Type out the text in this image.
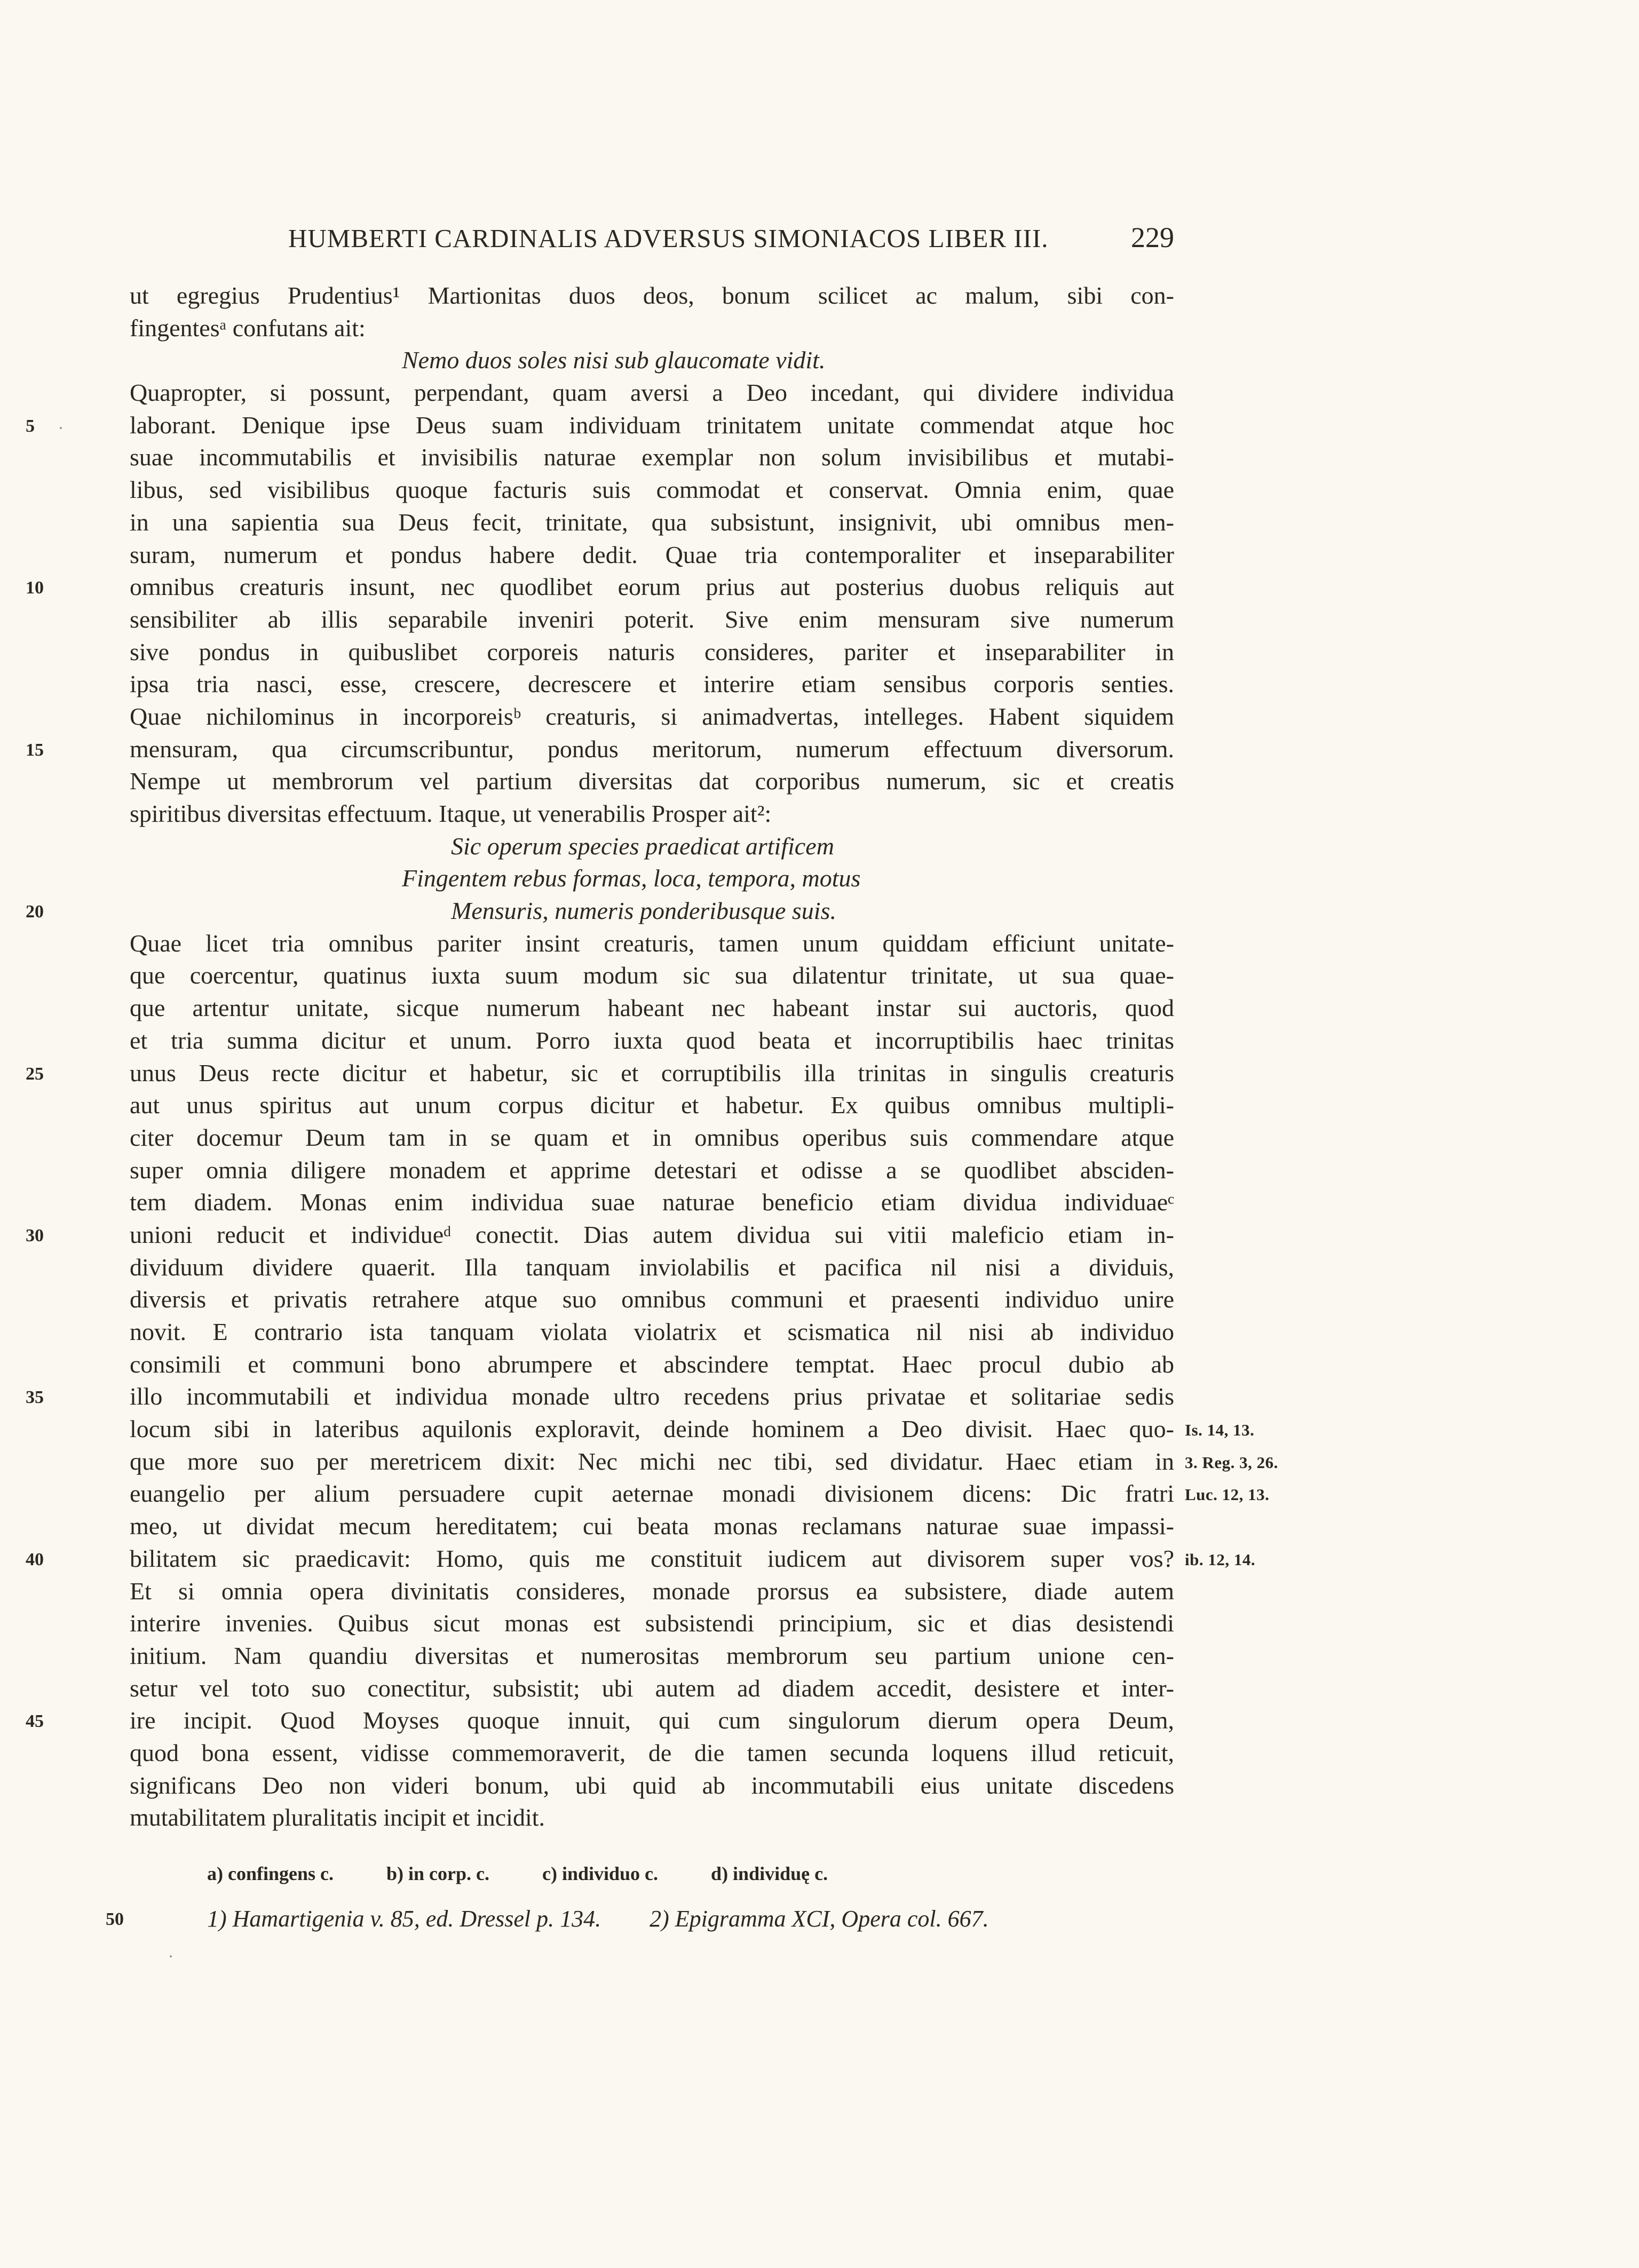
HUMBERTI CARDINALIS ADVERSUS SIMONIACOS LIBER III.	229
ut egregius Prudentius¹ Martionitas duos deos, bonum scilicet ac malum, sibi con-
fingentesᵃ confutans ait:
Nemo duos soles nisi sub glaucomate vidit.
Quapropter, si possunt, perpendant, quam aversi a Deo incedant, qui dividere individua
5	laborant. Denique ipse Deus suam individuam trinitatem unitate commendat atque hoc
suae incommutabilis et invisibilis naturae exemplar non solum invisibilibus et mutabi-
libus, sed visibilibus quoque facturis suis commodat et conservat. Omnia enim, quae
in una sapientia sua Deus fecit, trinitate, qua subsistunt, insignivit, ubi omnibus men-
suram, numerum et pondus habere dedit. Quae tria contemporaliter et inseparabiliter
10	omnibus creaturis insunt, nec quodlibet eorum prius aut posterius duobus reliquis aut
sensibiliter ab illis separabile inveniri poterit. Sive enim mensuram sive numerum
sive pondus in quibuslibet corporeis naturis consideres, pariter et inseparabiliter in
ipsa tria nasci, esse, crescere, decrescere et interire etiam sensibus corporis senties.
Quae nichilominus in incorporeisᵇ creaturis, si animadvertas, intelleges. Habent siquidem
15	mensuram, qua circumscribuntur, pondus meritorum, numerum effectuum diversorum.
Nempe ut membrorum vel partium diversitas dat corporibus numerum, sic et creatis
spiritibus diversitas effectuum. Itaque, ut venerabilis Prosper ait²:
Sic operum species praedicat artificem
Fingentem rebus formas, loca, tempora, motus
20	Mensuris, numeris ponderibusque suis.
Quae licet tria omnibus pariter insint creaturis, tamen unum quiddam efficiunt unitate-
que coercentur, quatinus iuxta suum modum sic sua dilatentur trinitate, ut sua quae-
que artentur unitate, sicque numerum habeant nec habeant instar sui auctoris, quod
et tria summa dicitur et unum. Porro iuxta quod beata et incorruptibilis haec trinitas
25	unus Deus recte dicitur et habetur, sic et corruptibilis illa trinitas in singulis creaturis
aut unus spiritus aut unum corpus dicitur et habetur. Ex quibus omnibus multipli-
citer docemur Deum tam in se quam et in omnibus operibus suis commendare atque
super omnia diligere monadem et apprime detestari et odisse a se quodlibet absciden-
tem diadem. Monas enim individua suae naturae beneficio etiam dividua individuaeᶜ
30	unioni reducit et individueᵈ conectit. Dias autem dividua sui vitii maleficio etiam in-
dividuum dividere quaerit. Illa tanquam inviolabilis et pacifica nil nisi a dividuis,
diversis et privatis retrahere atque suo omnibus communi et praesenti individuo unire
novit. E contrario ista tanquam violata violatrix et scismatica nil nisi ab individuo
consimili et communi bono abrumpere et abscindere temptat. Haec procul dubio ab
35	illo incommutabili et individua monade ultro recedens prius privatae et solitariae sedis
locum sibi in lateribus aquilonis exploravit, deinde hominem a Deo divisit. Haec quo- Is. 14, 13.
que more suo per meretricem dixit: Nec michi nec tibi, sed dividatur. Haec etiam in 3. Reg. 3, 26.
euangelio per alium persuadere cupit aeternae monadi divisionem dicens: Dic fratri Luc. 12, 13.
meo, ut dividat mecum hereditatem; cui beata monas reclamans naturae suae impassi-
40	bilitatem sic praedicavit: Homo, quis me constituit iudicem aut divisorem super vos? ib. 12, 14.
Et si omnia opera divinitatis consideres, monade prorsus ea subsistere, diade autem
interire invenies. Quibus sicut monas est subsistendi principium, sic et dias desistendi
initium. Nam quandiu diversitas et numerositas membrorum seu partium unione cen-
setur vel toto suo conectitur, subsistit; ubi autem ad diadem accedit, desistere et inter-
45	ire incipit. Quod Moyses quoque innuit, qui cum singulorum dierum opera Deum,
quod bona essent, vidisse commemoraverit, de die tamen secunda loquens illud reticuit,
significans Deo non videri bonum, ubi quid ab incommutabili eius unitate discedens
mutabilitatem pluralitatis incipit et incidit.
a) confingens c.	b) in corp. c.	c) individuo c.	d) individuę c.
50	1) Hamartigenia v. 85, ed. Dressel p. 134. 2) Epigramma XCI, Opera col. 667.
